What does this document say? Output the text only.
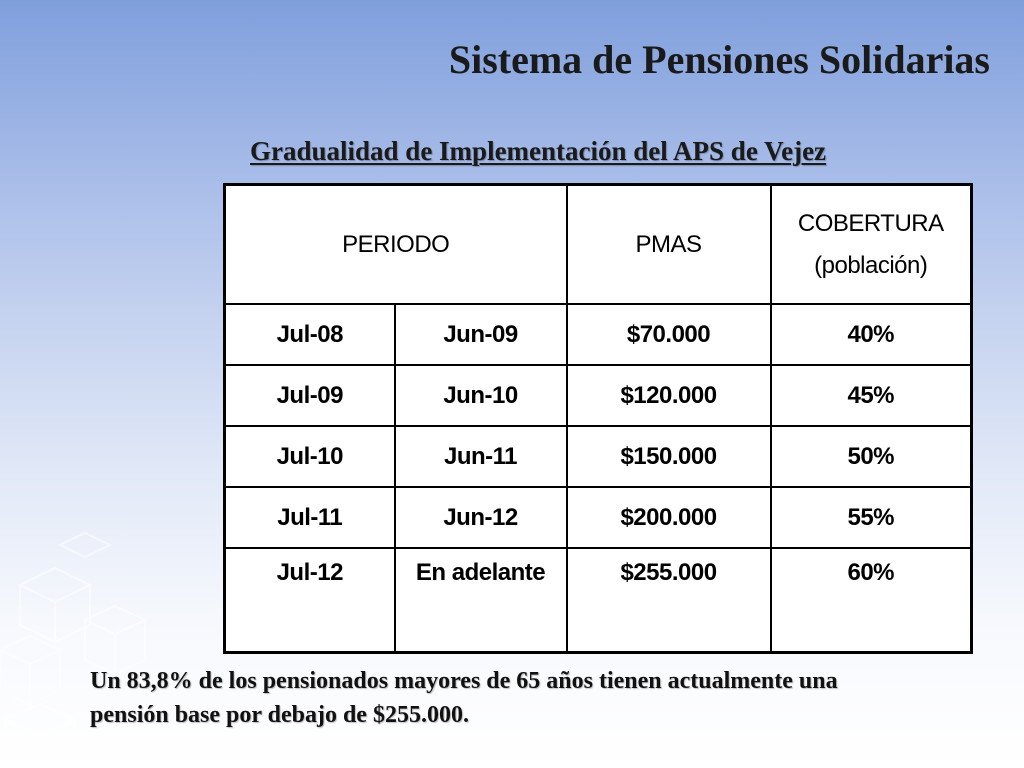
Sistema de Pensiones Solidarias
Gradualidad de Implementación del APS de Vejez
PERIODO		PMAS	COBERTURA
(población)

Jul-08	Jun-09	$70.000	40%
Jul-09	Jun-10	$120.000	45%
Jul-10	Jun-11	$150.000	50%
Jul-11	Jun-12	$200.000	55%
Jul-12	En adelante	$255.000	60%

Un 83,8% de los pensionados mayores de 65 años tienen actualmente una
pensión base por debajo de $255.000.
